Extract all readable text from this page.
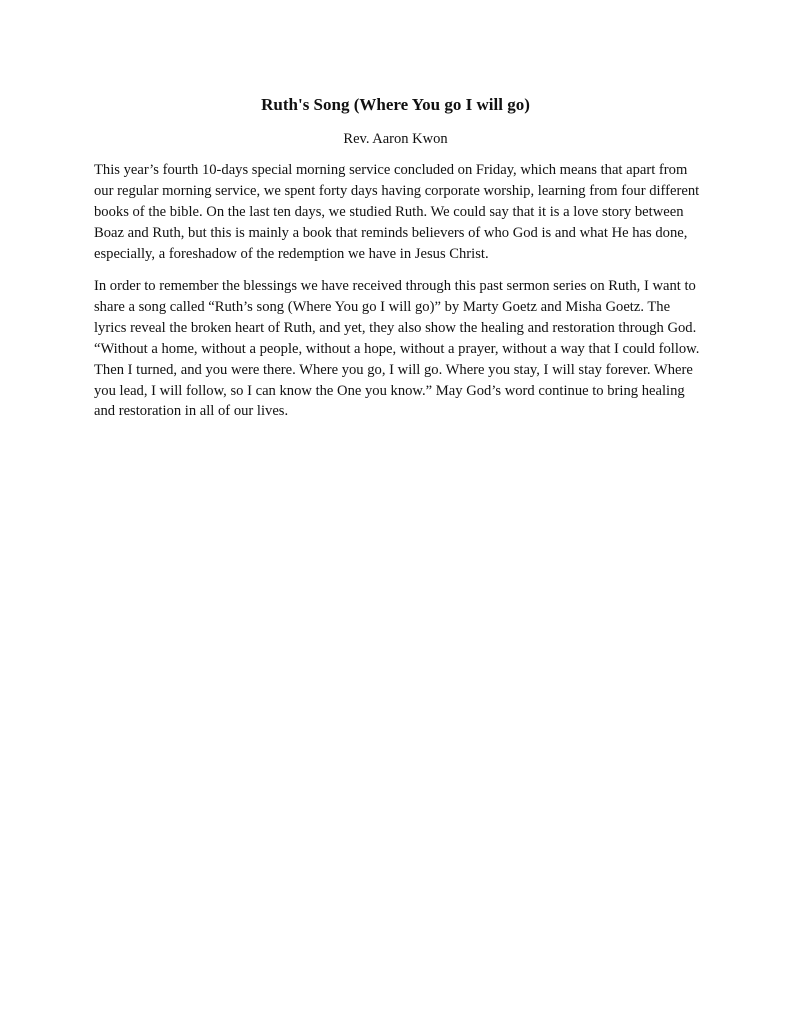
Ruth's Song (Where You go I will go)
Rev. Aaron Kwon

This year’s fourth 10-days special morning service concluded on Friday, which means that apart from our regular morning service, we spent forty days having corporate worship, learning from four different books of the bible. On the last ten days, we studied Ruth. We could say that it is a love story between Boaz and Ruth, but this is mainly a book that reminds believers of who God is and what He has done, especially, a foreshadow of the redemption we have in Jesus Christ.

In order to remember the blessings we have received through this past sermon series on Ruth, I want to share a song called “Ruth’s song (Where You go I will go)” by Marty Goetz and Misha Goetz. The lyrics reveal the broken heart of Ruth, and yet, they also show the healing and restoration through God. “Without a home, without a people, without a hope, without a prayer, without a way that I could follow. Then I turned, and you were there. Where you go, I will go. Where you stay, I will stay forever. Where you lead, I will follow, so I can know the One you know.” May God’s word continue to bring healing and restoration in all of our lives.
